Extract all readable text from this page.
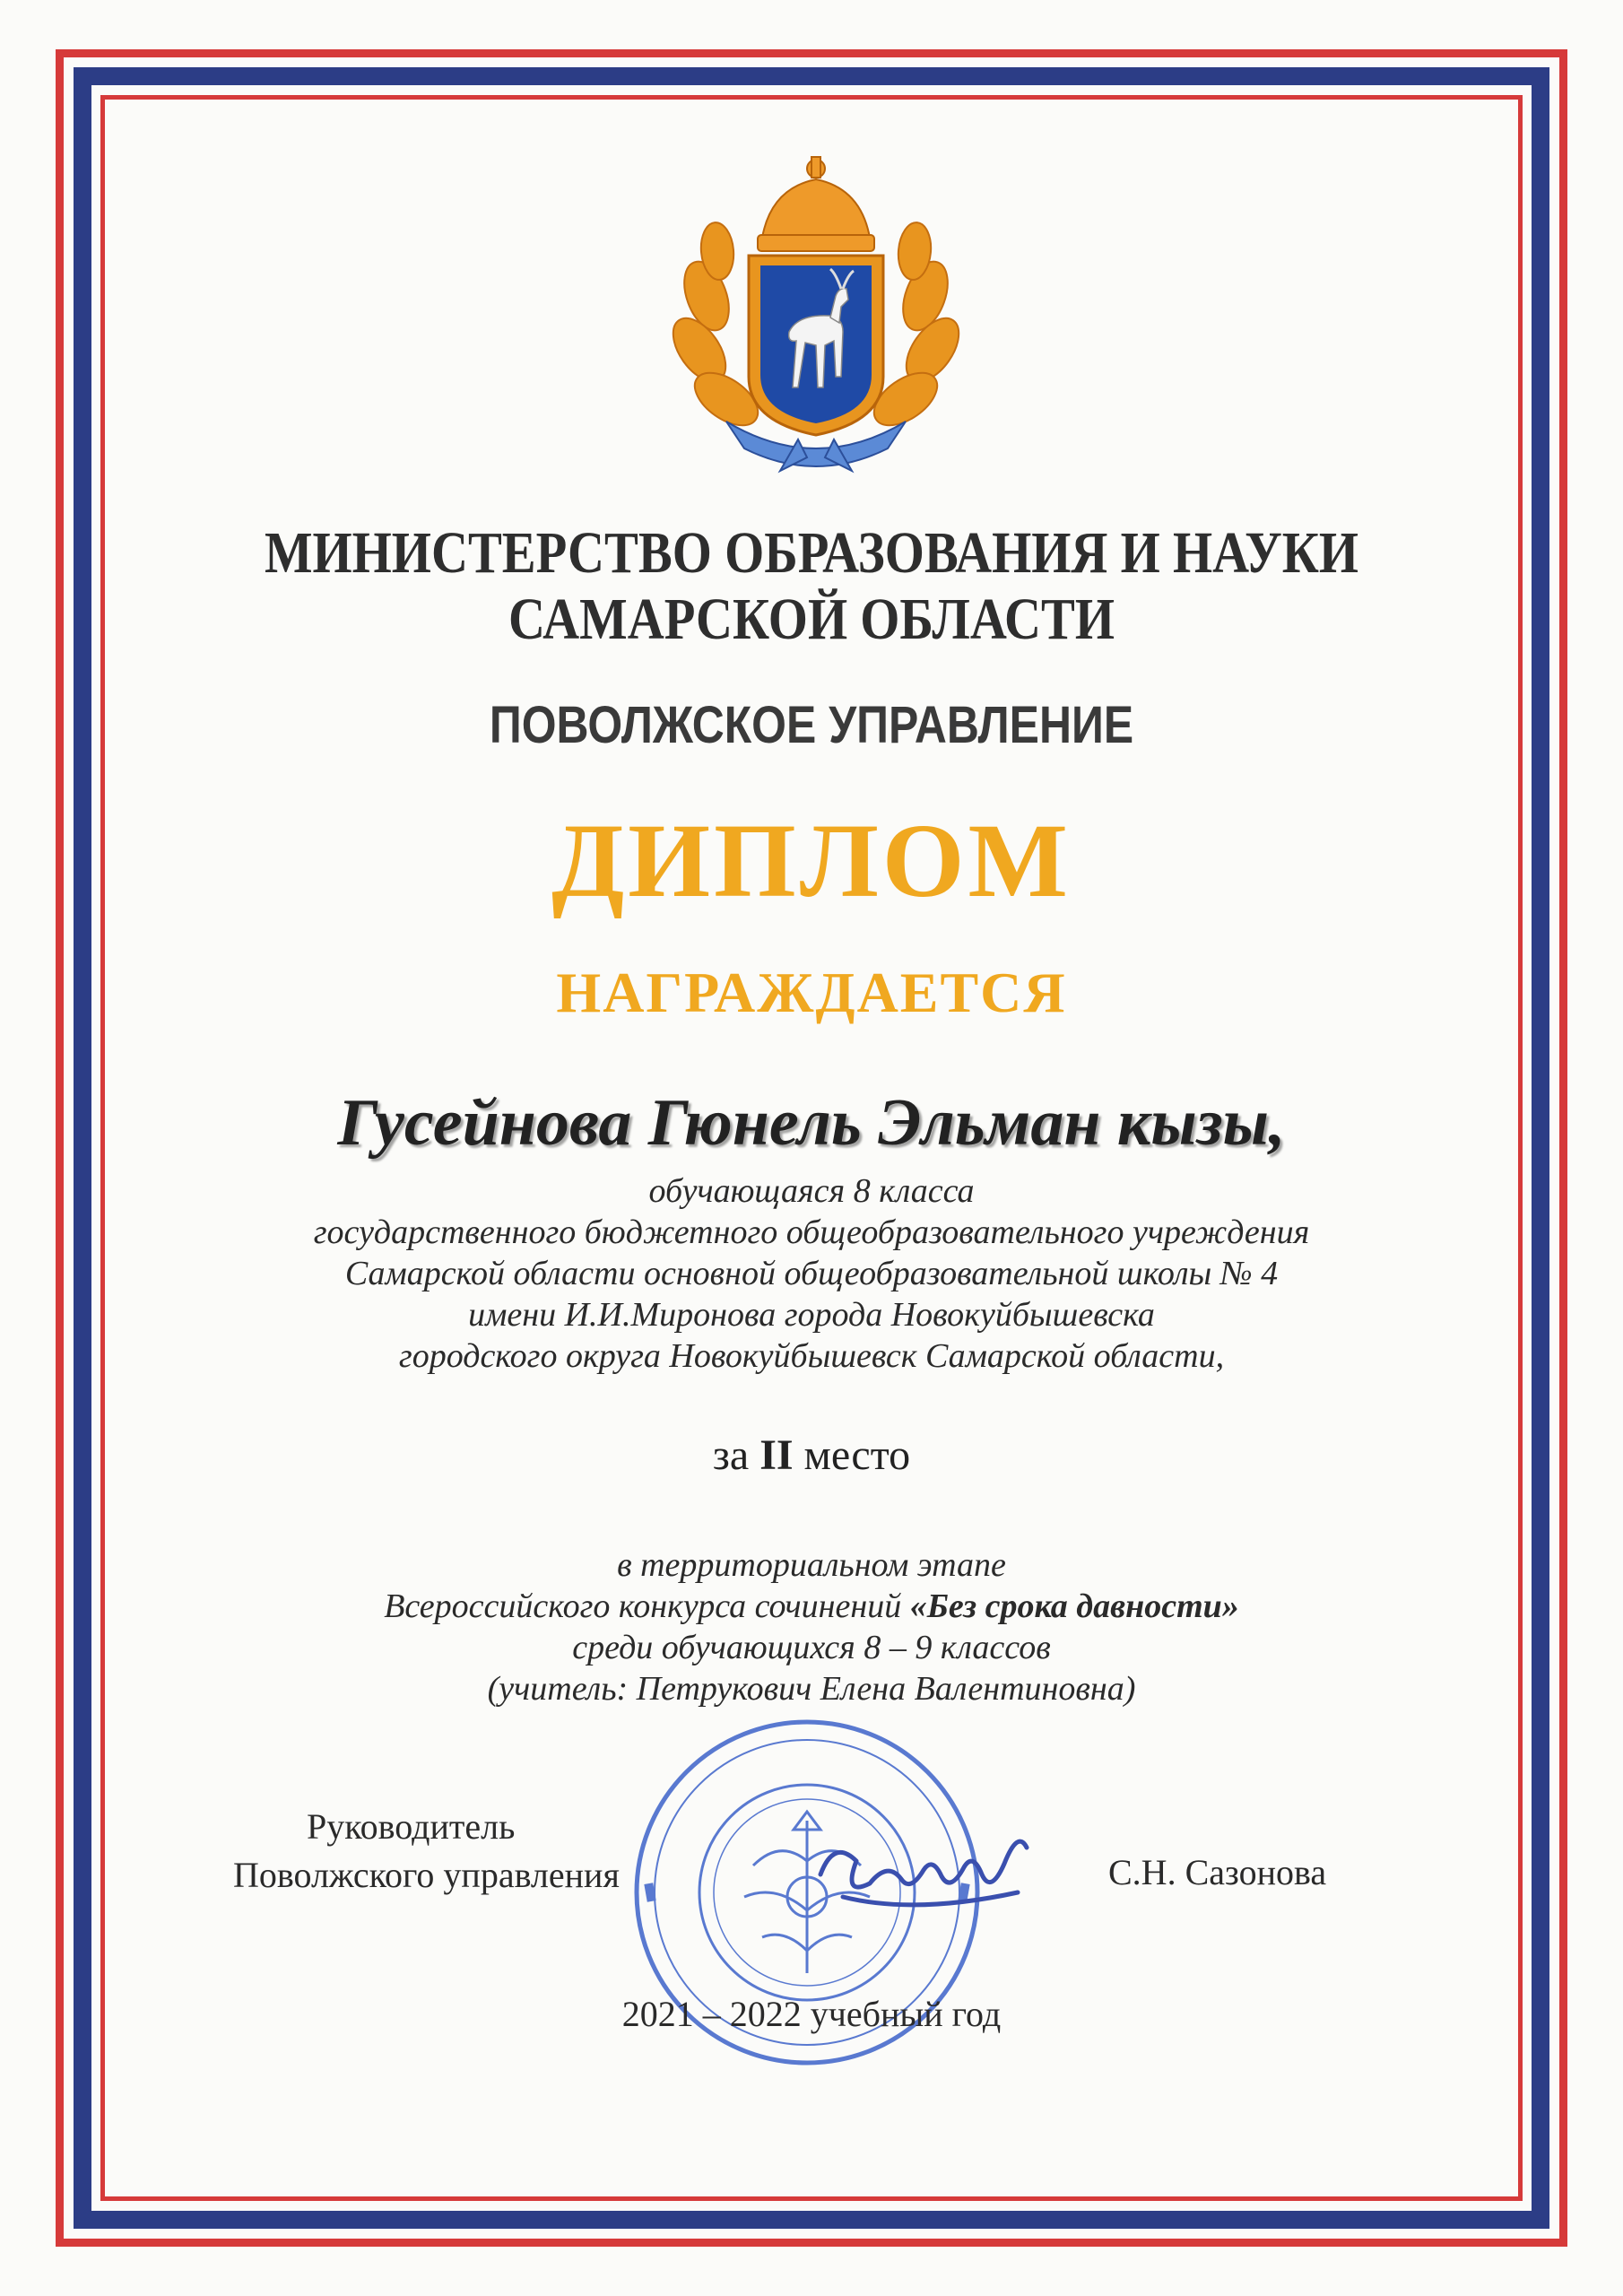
МИНИСТЕРСТВО ОБРАЗОВАНИЯ И НАУКИ
САМАРСКОЙ ОБЛАСТИ
ПОВОЛЖСКОЕ УПРАВЛЕНИЕ
ДИПЛОМ
НАГРАЖДАЕТСЯ
Гусейнова Гюнель Эльман кызы,
обучающаяся 8 класса
государственного бюджетного общеобразовательного учреждения
Самарской области основной общеобразовательной школы № 4
имени И.И.Миронова города Новокуйбышевска
городского округа Новокуйбышевск Самарской области,
за II место
в территориальном этапе
Всероссийского конкурса сочинений «Без срока давности»
среди обучающихся 8 – 9 классов
(учитель: Петрукович Елена Валентиновна)
Руководитель
Поволжского управления	С.Н. Сазонова
2021 – 2022 учебный год
